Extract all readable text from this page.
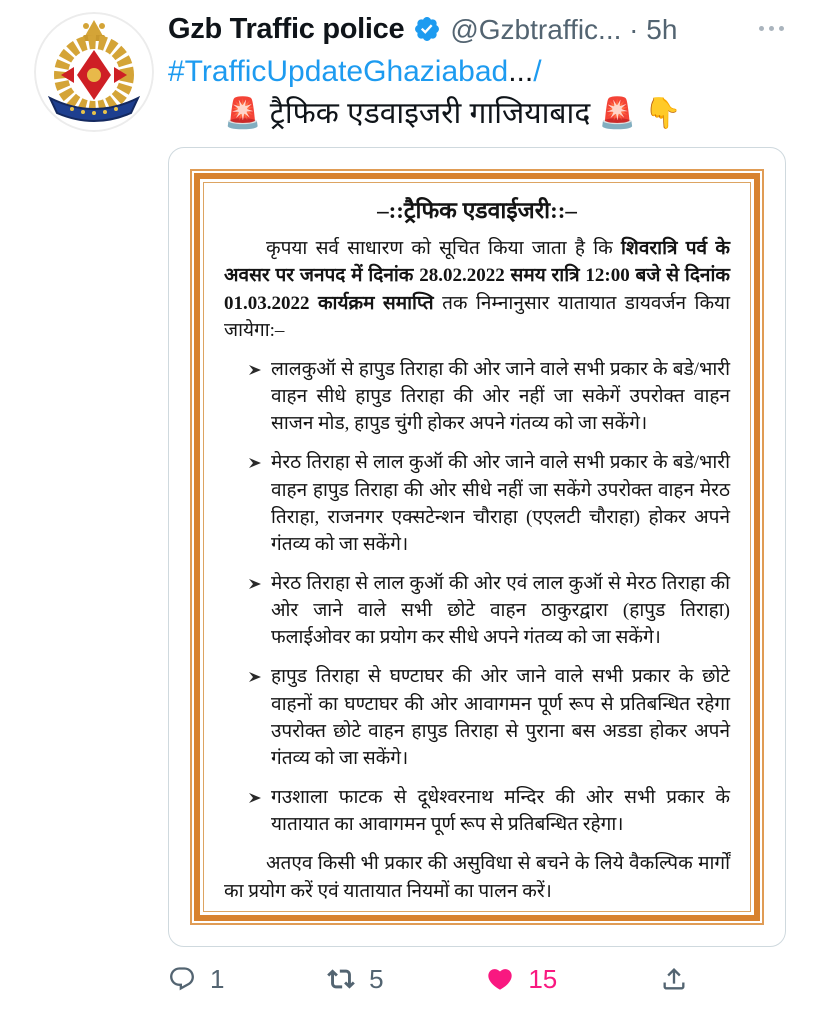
Gzb Traffic police @Gzbtraffic... · 5h
#TrafficUpdateGhaziabad.../
🚨 ट्रैफिक एडवाइजरी गाजियाबाद 🚨 👇
–::ट्रैफिक एडवाईजरी::–

कृपया सर्व साधारण को सूचित किया जाता है कि शिवरात्रि पर्व के अवसर पर जनपद में दिनांक 28.02.2022 समय रात्रि 12:00 बजे से दिनांक 01.03.2022 कार्यक्रम समाप्ति तक निम्नानुसार यातायात डायवर्जन किया जायेगा:–

लालकुऑ से हापुड तिराहा की ओर जाने वाले सभी प्रकार के बडे/भारी वाहन सीधे हापुड तिराहा की ओर नहीं जा सकेगें उपरोक्त वाहन साजन मोड, हापुड चुंगी होकर अपने गंतव्य को जा सकेंगे।

मेरठ तिराहा से लाल कुऑ की ओर जाने वाले सभी प्रकार के बडे/भारी वाहन हापुड तिराहा की ओर सीधे नहीं जा सकेंगे उपरोक्त वाहन मेरठ तिराहा, राजनगर एक्सटेन्शन चौराहा (एएलटी चौराहा) होकर अपने गंतव्य को जा सकेंगे।

मेरठ तिराहा से लाल कुऑ की ओर एवं लाल कुऑ से मेरठ तिराहा की ओर जाने वाले सभी छोटे वाहन ठाकुरद्वारा (हापुड तिराहा) फलाईओवर का प्रयोग कर सीधे अपने गंतव्य को जा सकेंगे।

हापुड तिराहा से घण्टाघर की ओर जाने वाले सभी प्रकार के छोटे वाहनों का घण्टाघर की ओर आवागमन पूर्ण रूप से प्रतिबन्धित रहेगा उपरोक्त छोटे वाहन हापुड तिराहा से पुराना बस अडडा होकर अपने गंतव्य को जा सकेंगे।

गउशाला फाटक से दूधेश्वरनाथ मन्दिर की ओर सभी प्रकार के यातायात का आवागमन पूर्ण रूप से प्रतिबन्धित रहेगा।

अतएव किसी भी प्रकार की असुविधा से बचने के लिये वैकल्पिक मार्गों का प्रयोग करें एवं यातायात नियमों का पालन करें।

1	5	15
